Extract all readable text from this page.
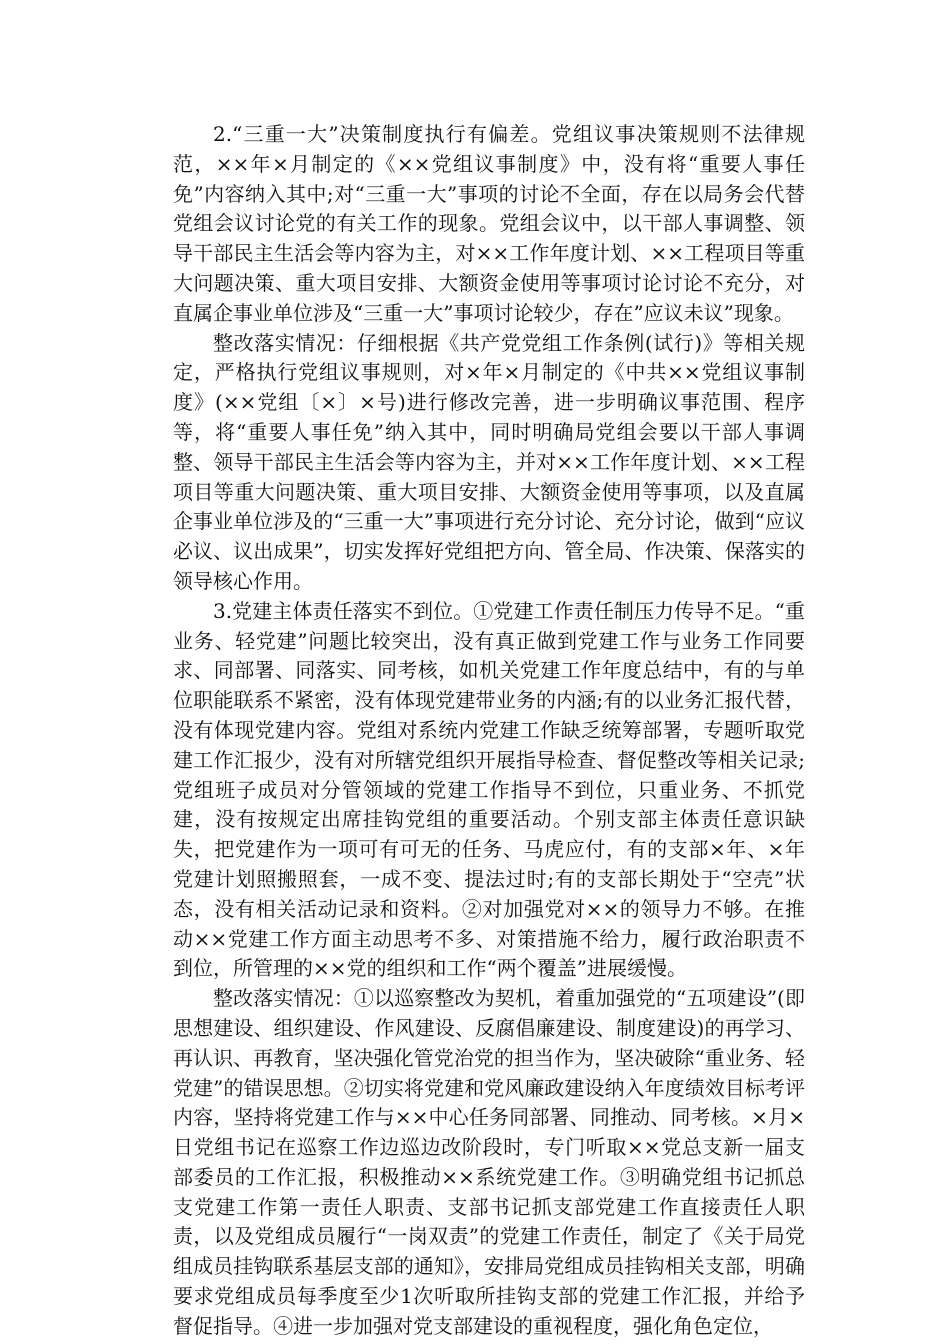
2.“三重一大”决策制度执行有偏差。党组议事决策规则不法律规范，××年×月制定的《××党组议事制度》中，没有将“重要人事任免”内容纳入其中;对“三重一大”事项的讨论不全面，存在以局务会代替党组会议讨论党的有关工作的现象。党组会议中，以干部人事调整、领导干部民主生活会等内容为主，对××工作年度计划、××工程项目等重大问题决策、重大项目安排、大额资金使用等事项讨论讨论不充分，对直属企事业单位涉及“三重一大”事项讨论较少，存在”应议未议”现象。

整改落实情况：仔细根据《共产党党组工作条例(试行)》等相关规定，严格执行党组议事规则，对×年×月制定的《中共××党组议事制度》(××党组〔×〕×号)进行修改完善，进一步明确议事范围、程序等，将“重要人事任免”纳入其中，同时明确局党组会要以干部人事调整、领导干部民主生活会等内容为主，并对××工作年度计划、××工程项目等重大问题决策、重大项目安排、大额资金使用等事项，以及直属企事业单位涉及的“三重一大”事项进行充分讨论、充分讨论，做到“应议必议、议出成果”，切实发挥好党组把方向、管全局、作决策、保落实的领导核心作用。

3.党建主体责任落实不到位。①党建工作责任制压力传导不足。“重业务、轻党建”问题比较突出，没有真正做到党建工作与业务工作同要求、同部署、同落实、同考核，如机关党建工作年度总结中，有的与单位职能联系不紧密，没有体现党建带业务的内涵;有的以业务汇报代替，没有体现党建内容。党组对系统内党建工作缺乏统筹部署，专题听取党建工作汇报少，没有对所辖党组织开展指导检查、督促整改等相关记录;党组班子成员对分管领域的党建工作指导不到位，只重业务、不抓党建，没有按规定出席挂钩党组的重要活动。个别支部主体责任意识缺失，把党建作为一项可有可无的任务、马虎应付，有的支部×年、×年党建计划照搬照套，一成不变、提法过时;有的支部长期处于“空壳”状态，没有相关活动记录和资料。②对加强党对××的领导力不够。在推动××党建工作方面主动思考不多、对策措施不给力，履行政治职责不到位，所管理的××党的组织和工作“两个覆盖”进展缓慢。

整改落实情况：①以巡察整改为契机，着重加强党的“五项建设”(即思想建设、组织建设、作风建设、反腐倡廉建设、制度建设)的再学习、再认识、再教育，坚决强化管党治党的担当作为，坚决破除“重业务、轻党建”的错误思想。②切实将党建和党风廉政建设纳入年度绩效目标考评内容，坚持将党建工作与××中心任务同部署、同推动、同考核。×月×日党组书记在巡察工作边巡边改阶段时，专门听取××党总支新一届支部委员的工作汇报，积极推动××系统党建工作。③明确党组书记抓总支党建工作第一责任人职责、支部书记抓支部党建工作直接责任人职责，以及党组成员履行“一岗双责”的党建工作责任，制定了《关于局党组成员挂钩联系基层支部的通知》，安排局党组成员挂钩相关支部，明确要求党组成员每季度至少1次听取所挂钩支部的党建工作汇报，并给予督促指导。④进一步加强对党支部建设的重视程度，强化角色定位，
